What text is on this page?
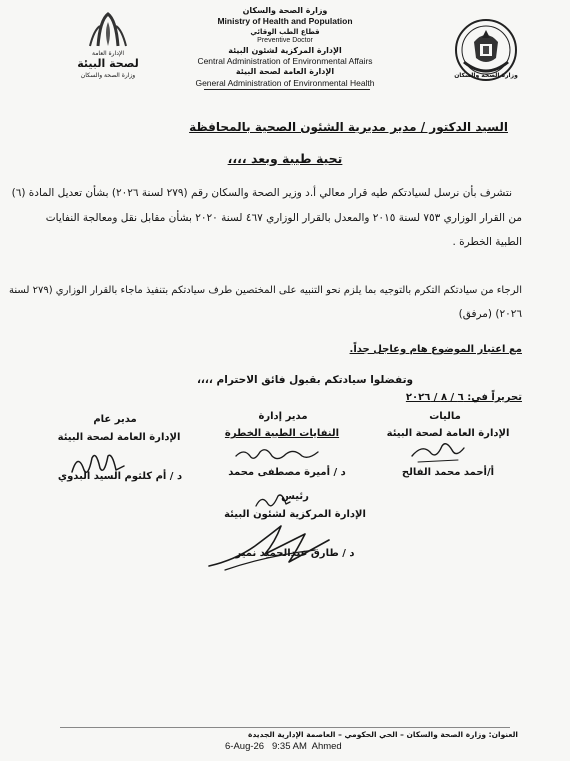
وزارة الصحة والسكان
وزارة الصحة والسكان
Ministry of Health and Population
قطاع الطب الوقائي
Preventive Doctor
الإدارة المركزية لشئون البيئة
Central Administration of Environmental Affairs
الإدارة العامة لصحة البيئة
General Administration of Environmental Health
الإدارة العامة
لصحة البيئة
وزارة الصحة والسكان
السيد الدكتور / مدير مديرية الشئون الصحية بالمحافظة
تحية طيبة وبعد ،،،،
نتشرف بأن نرسل لسيادتكم طيه قرار معالي أ.د وزير الصحة والسكان رقم (٢٧٩ لسنة ٢٠٢٦) بشأن تعديل المادة (٦)
من القرار الوزاري ٧٥٣ لسنة ٢٠١٥ والمعدل بالقرار الوزاري ٤٦٧ لسنة ٢٠٢٠ بشأن مقابل نقل ومعالجة النفايات
الطبية الخطرة .
الرجاء من سيادتكم التكرم بالتوجيه بما يلزم نحو التنبيه على المختصين طرف سيادتكم بتنفيذ ماجاء بالقرار الوزاري (٢٧٩ لسنة
٢٠٢٦) (مرفق)
مع اعتبار الموضوع هام وعاجل جداً.
وتفضلوا سيادتكم بقبول فائق الاحترام ،،،،
تحريراً في: ٦ / ٨ / ٢٠٢٦
ماليات
الإدارة العامة لصحة البيئة
أ/أحمد محمد الفالح
مدير إدارة
النفايات الطبية الخطرة
د / أميرة مصطفى محمد
مدير عام
الإدارة العامة لصحة البيئة
د / أم كلثوم السيد البدوي
رئيس
الإدارة المركزية لشئون البيئة
د / طارق عبدالحميد نمير
العنوان: وزارة الصحة والسكان – الحي الحكومي – العاصمة الإدارية الجديدة
6-Aug-26   9:35 AM  Ahmed
